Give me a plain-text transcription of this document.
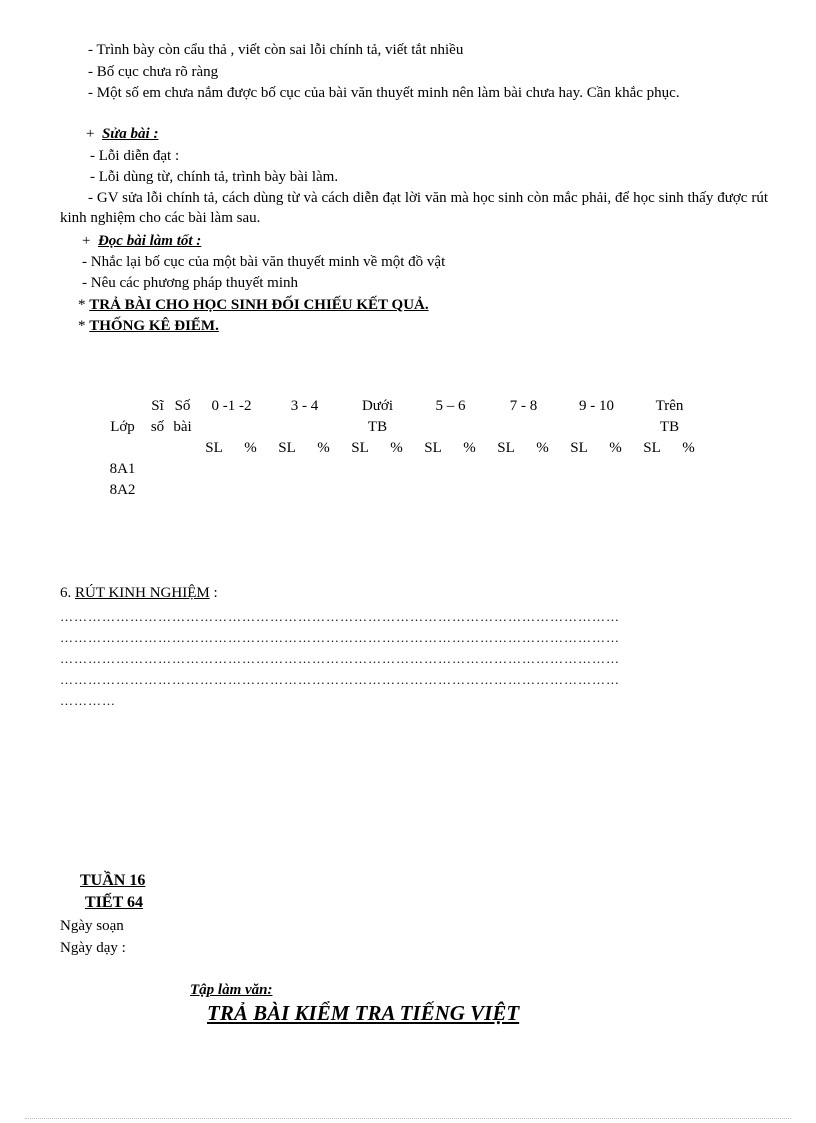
- Trình bày còn cẩu thả , viết còn sai lỗi chính tả, viết tắt nhiều
- Bố cục chưa rõ ràng
- Một số em chưa nắm được bố cục của bài văn thuyết minh nên làm bài chưa hay. Cần khắc phục.
+ Sửa bài :
- Lỗi diễn đạt :
- Lỗi dùng từ, chính tả, trình bày bài làm.
- GV sửa lỗi chính tả, cách dùng từ và cách diễn đạt lời văn mà học sinh còn mắc phải, để học sinh thấy được rút kinh nghiệm cho các bài làm sau.
+ Đọc bài làm tốt :
- Nhắc lại bố cục của một bài văn thuyết minh về một đồ vật
- Nêu các phương pháp thuyết minh
* TRẢ BÀI CHO HỌC SINH ĐỐI CHIẾU KẾT QUẢ.
* THỐNG KÊ ĐIỂM.
	Sĩ	Số	0 -1 -2		3 - 4		Dưới		5 – 6		7 - 8		9 - 10		Trên	
Lớp	số	bài					TB								TB	
			SL	%	SL	%	SL	%	SL	%	SL	%	SL	%	SL	%
8A1																
8A2																
6. RÚT KINH NGHIỆM :
…………………………………………………………………………………………………………
…………………………………………………………………………………………………………
…………………………………………………………………………………………………………
…………………………………………………………………………………………………………
…………
TUẦN 16
TIẾT 64
Ngày soạn
Ngày dạy :
Tập làm văn:
TRẢ BÀI KIỂM TRA TIẾNG VIỆT
